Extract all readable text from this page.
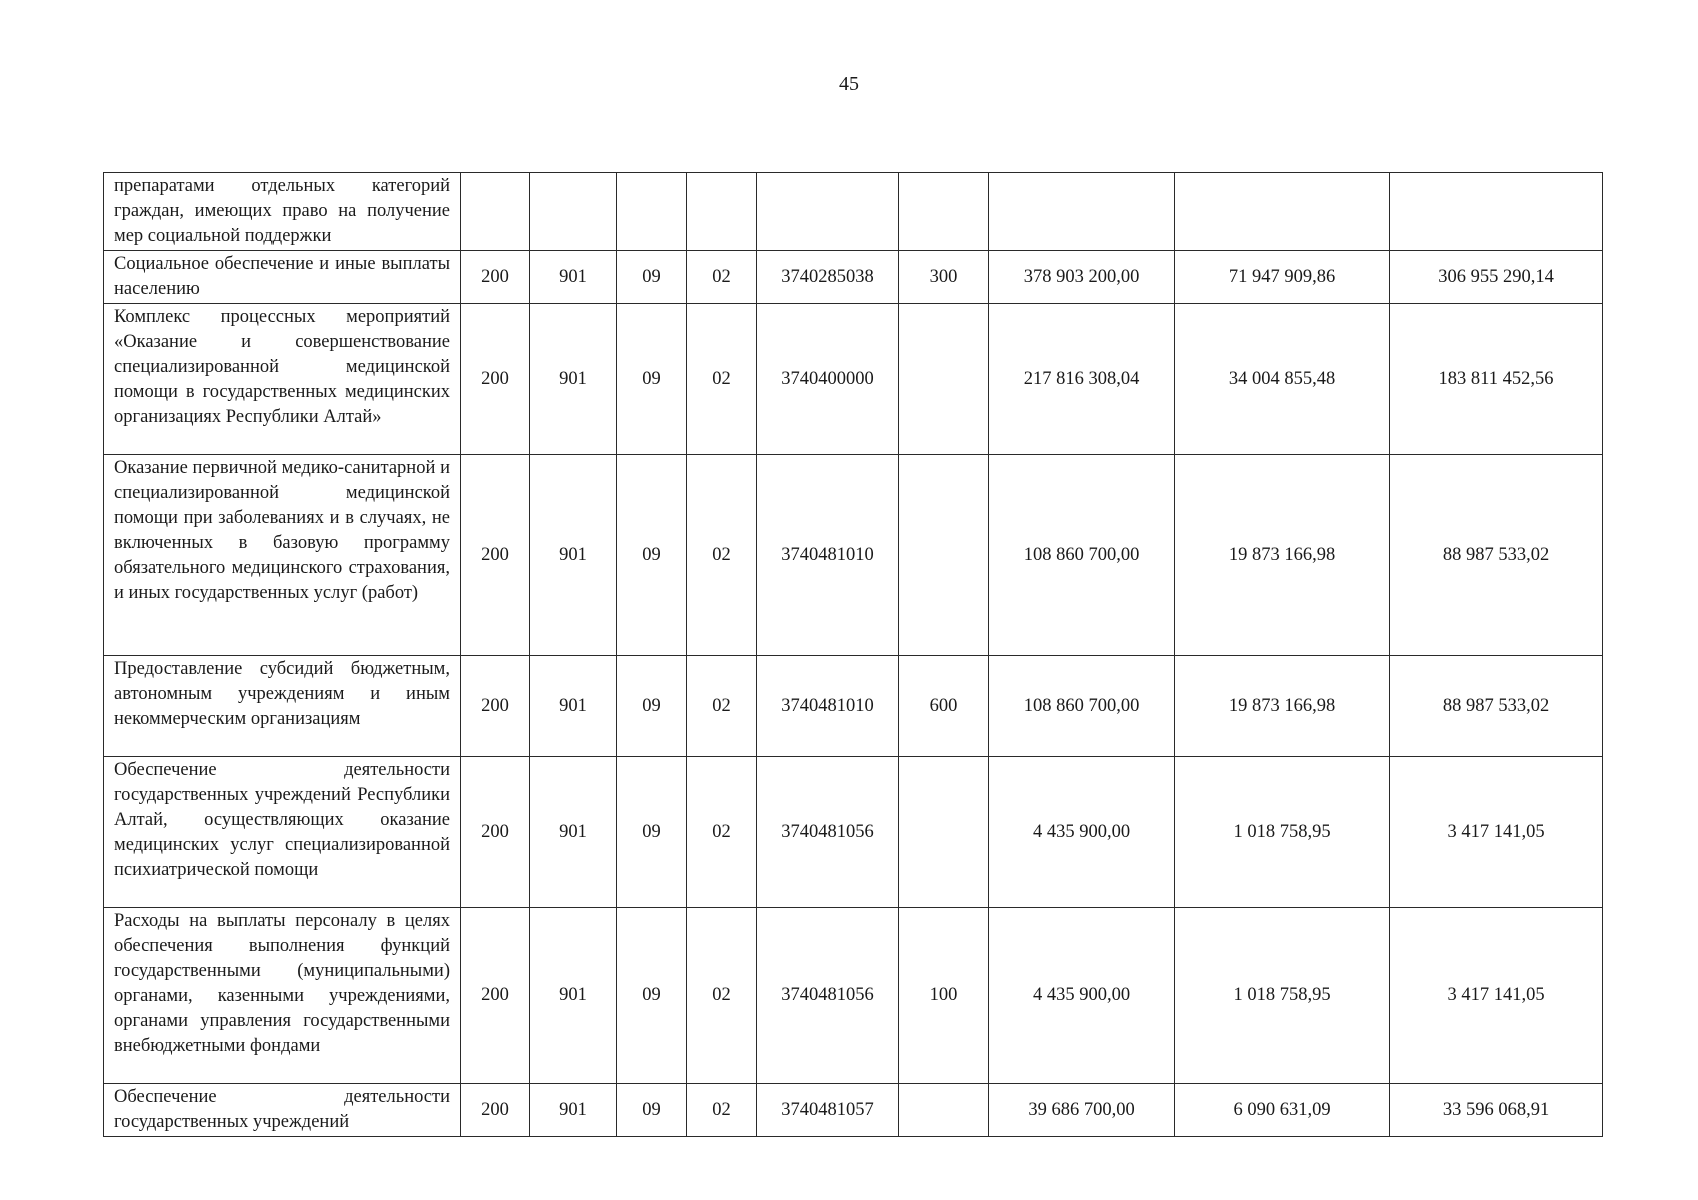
45
препаратами отдельных категорий граждан, имеющих право на получение мер социальной поддержки									
Социальное обеспечение и иные выплаты населению	200	901	09	02	3740285038	300	378 903 200,00	71 947 909,86	306 955 290,14
Комплекс процессных мероприятий «Оказание и совершенствование специализированной медицинской помощи в государственных медицинских организациях Республики Алтай»	200	901	09	02	3740400000		217 816 308,04	34 004 855,48	183 811 452,56
Оказание первичной медико-санитарной и специализированной медицинской помощи при заболеваниях и в случаях, не включенных в базовую программу обязательного медицинского страхования, и иных государственных услуг (работ)	200	901	09	02	3740481010		108 860 700,00	19 873 166,98	88 987 533,02
Предоставление субсидий бюджетным, автономным учреждениям и иным некоммерческим организациям	200	901	09	02	3740481010	600	108 860 700,00	19 873 166,98	88 987 533,02
Обеспечение деятельности государственных учреждений Республики Алтай, осуществляющих оказание медицинских услуг специализированной психиатрической помощи	200	901	09	02	3740481056		4 435 900,00	1 018 758,95	3 417 141,05
Расходы на выплаты персоналу в целях обеспечения выполнения функций государственными (муниципальными) органами, казенными учреждениями, органами управления государственными внебюджетными фондами	200	901	09	02	3740481056	100	4 435 900,00	1 018 758,95	3 417 141,05
Обеспечение деятельности государственных учреждений	200	901	09	02	3740481057		39 686 700,00	6 090 631,09	33 596 068,91
